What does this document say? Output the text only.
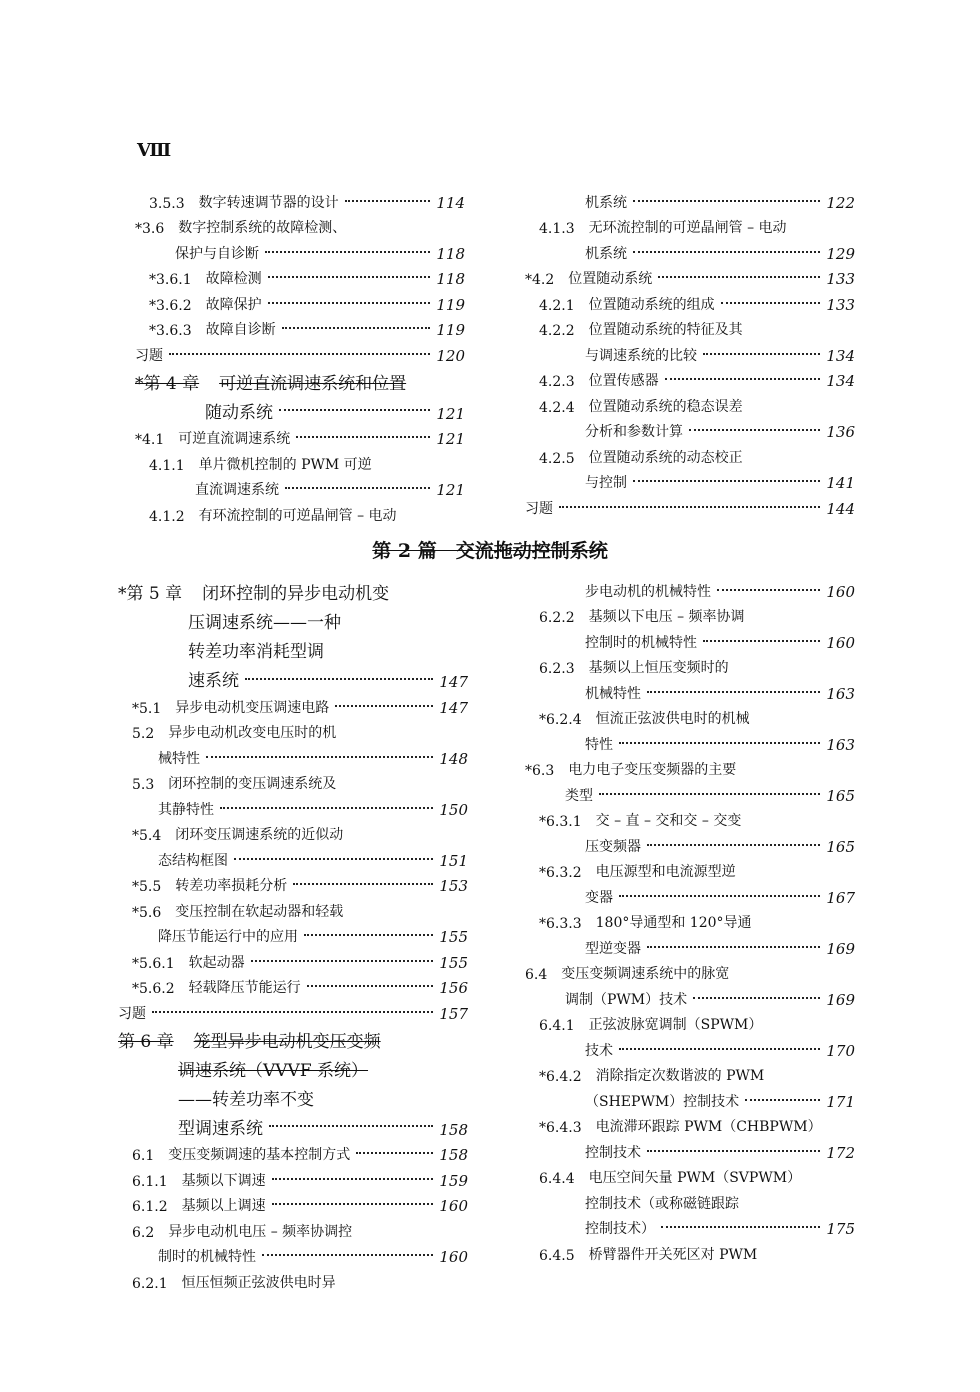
Ⅷ
3.5.3 数字转速调节器的设计	114
*3.6 数字控制系统的故障检测、
保护与自诊断	118
*3.6.1 故障检测	118
*3.6.2 故障保护	119
*3.6.3 故障自诊断	119
习题	120
*第 4 章 可逆直流调速系统和位置
随动系统	121
*4.1 可逆直流调速系统	121
4.1.1 单片微机控制的 PWM 可逆
直流调速系统	121
4.1.2 有环流控制的可逆晶闸管 – 电动
机系统	122
4.1.3 无环流控制的可逆晶闸管 – 电动
机系统	129
*4.2 位置随动系统	133
4.2.1 位置随动系统的组成	133
4.2.2 位置随动系统的特征及其
与调速系统的比较	134
4.2.3 位置传感器	134
4.2.4 位置随动系统的稳态误差
分析和参数计算	136
4.2.5 位置随动系统的动态校正
与控制	141
习题	144
第 2 篇　交流拖动控制系统
*第 5 章 闭环控制的异步电动机变
压调速系统——一种
转差功率消耗型调
速系统	147
*5.1 异步电动机变压调速电路	147
5.2 异步电动机改变电压时的机
械特性	148
5.3 闭环控制的变压调速系统及
其静特性	150
*5.4 闭环变压调速系统的近似动
态结构框图	151
*5.5 转差功率损耗分析	153
*5.6 变压控制在软起动器和轻载
降压节能运行中的应用	155
*5.6.1 软起动器	155
*5.6.2 轻载降压节能运行	156
习题	157
第 6 章 笼型异步电动机变压变频
调速系统（VVVF 系统）
——转差功率不变
型调速系统	158
6.1 变压变频调速的基本控制方式	158
6.1.1 基频以下调速	159
6.1.2 基频以上调速	160
6.2 异步电动机电压 – 频率协调控
制时的机械特性	160
6.2.1 恒压恒频正弦波供电时异
步电动机的机械特性	160
6.2.2 基频以下电压 – 频率协调
控制时的机械特性	160
6.2.3 基频以上恒压变频时的
机械特性	163
*6.2.4 恒流正弦波供电时的机械
特性	163
*6.3 电力电子变压变频器的主要
类型	165
*6.3.1 交 – 直 – 交和交 – 交变
压变频器	165
*6.3.2 电压源型和电流源型逆
变器	167
*6.3.3 180°导通型和 120°导通
型逆变器	169
6.4 变压变频调速系统中的脉宽
调制（PWM）技术	169
6.4.1 正弦波脉宽调制（SPWM）
技术	170
*6.4.2 消除指定次数谐波的 PWM
（SHEPWM）控制技术	171
*6.4.3 电流滞环跟踪 PWM（CHBPWM）
控制技术	172
6.4.4 电压空间矢量 PWM（SVPWM）
控制技术（或称磁链跟踪
控制技术）	175
6.4.5 桥臂器件开关死区对 PWM
